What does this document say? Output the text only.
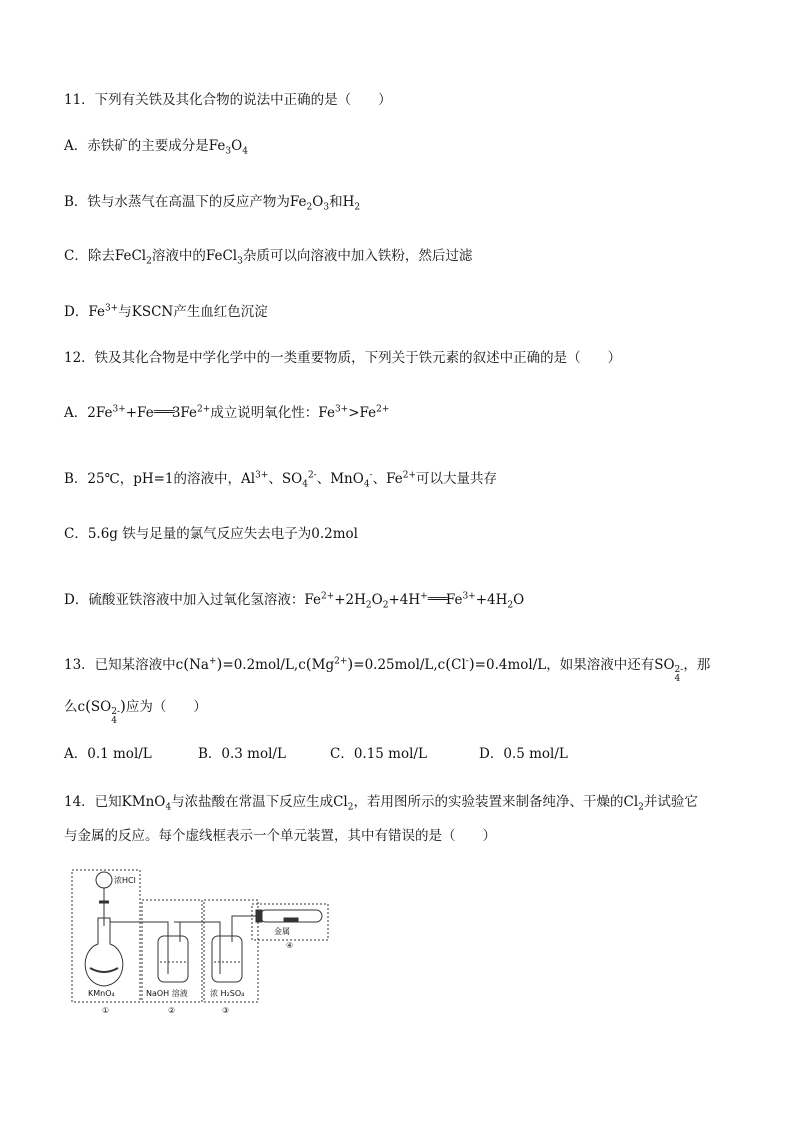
11．下列有关铁及其化合物的说法中正确的是（　　）
A．赤铁矿的主要成分是$Fe_3O_4$
B．铁与水蒸气在高温下的反应产物为$Fe_2O_3$和$H_2$
C．除去FeCl$_2$溶液中的FeCl$_3$杂质可以向溶液中加入铁粉，然后过滤
D．$Fe^{3+}$与KSCN产生血红色沉淀
12．铁及其化合物是中学化学中的一类重要物质，下列关于铁元素的叙述中正确的是（　　）
A．$2Fe^{3+}+Fe══════3Fe^{2+}$成立说明氧化性：$Fe^{3+}>Fe^{2+}$
B．25℃，pH=1的溶液中，$Al^{3+}$、$SO_4^{2-}$、MnO$_4$-、$Fe^{2+}$可以大量共存
C．5.6g 铁与足量的氯气反应失去电子为0.2mol
D．硫酸亚铁溶液中加入过氧化氢溶液：$Fe^{2+}+2H_2O_2+4H^+══════Fe^{3+}+4H_2O$
13．已知某溶液中$c(Na^+)=0.2mol/L,c(Mg^{2+})=0.25mol/L,c(Cl^-)=0.4mol/L$，如果溶液中还有SO 2-
4
，那
么c(SO 2-
4
)应为（　　）
A．0.1 mol/L	B．0.3 mol/L	C．0.15 mol/L	D．0.5 mol/L
14．已知KMnO$_4$与浓盐酸在常温下反应生成$Cl_2$，若用图所示的实验装置来制备纯净、干燥的$Cl_2$并试验它
与金属的反应。每个虚线框表示一个单元装置，其中有错误的是（　　）
浓HCl
KMnO₄	NaOH 溶液	浓 H₂SO₄
金属
④
①	②	③
